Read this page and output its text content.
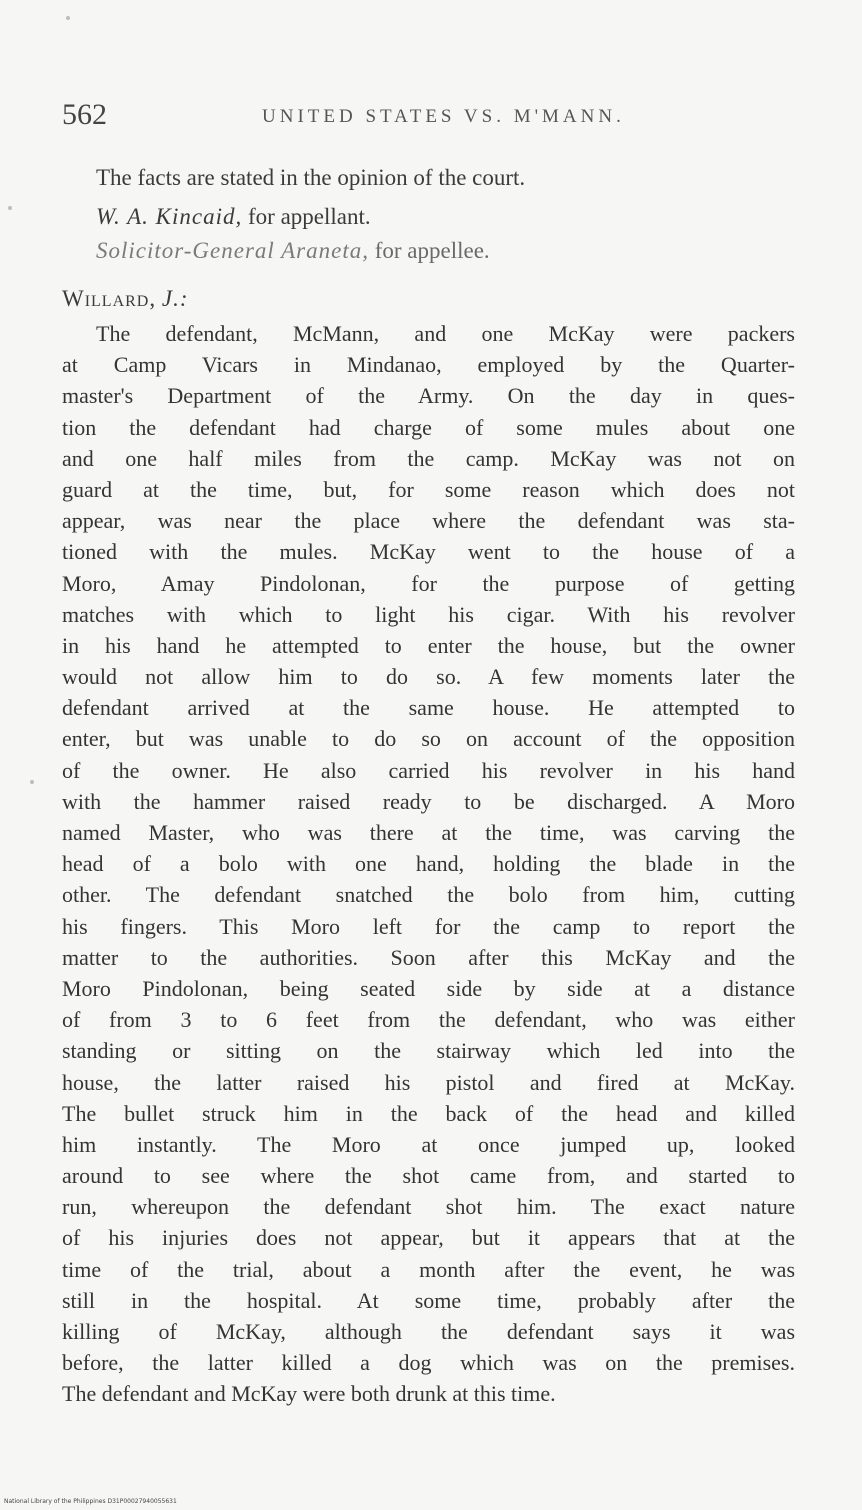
562	UNITED STATES VS. M'MANN.
The facts are stated in the opinion of the court.
W. A. Kincaid, for appellant.
Solicitor-General Araneta, for appellee.
Willard, J.:
The defendant, McMann, and one McKay were packers
at Camp Vicars in Mindanao, employed by the Quarter-
master's Department of the Army. On the day in ques-
tion the defendant had charge of some mules about one
and one half miles from the camp. McKay was not on
guard at the time, but, for some reason which does not
appear, was near the place where the defendant was sta-
tioned with the mules. McKay went to the house of a
Moro, Amay Pindolonan, for the purpose of getting
matches with which to light his cigar. With his revolver
in his hand he attempted to enter the house, but the owner
would not allow him to do so. A few moments later the
defendant arrived at the same house. He attempted to
enter, but was unable to do so on account of the opposition
of the owner. He also carried his revolver in his hand
with the hammer raised ready to be discharged. A Moro
named Master, who was there at the time, was carving the
head of a bolo with one hand, holding the blade in the
other. The defendant snatched the bolo from him, cutting
his fingers. This Moro left for the camp to report the
matter to the authorities. Soon after this McKay and the
Moro Pindolonan, being seated side by side at a distance
of from 3 to 6 feet from the defendant, who was either
standing or sitting on the stairway which led into the
house, the latter raised his pistol and fired at McKay.
The bullet struck him in the back of the head and killed
him instantly. The Moro at once jumped up, looked
around to see where the shot came from, and started to
run, whereupon the defendant shot him. The exact nature
of his injuries does not appear, but it appears that at the
time of the trial, about a month after the event, he was
still in the hospital. At some time, probably after the
killing of McKay, although the defendant says it was
before, the latter killed a dog which was on the premises.
The defendant and McKay were both drunk at this time.
National Library of the Philippines D31P00027940055631
